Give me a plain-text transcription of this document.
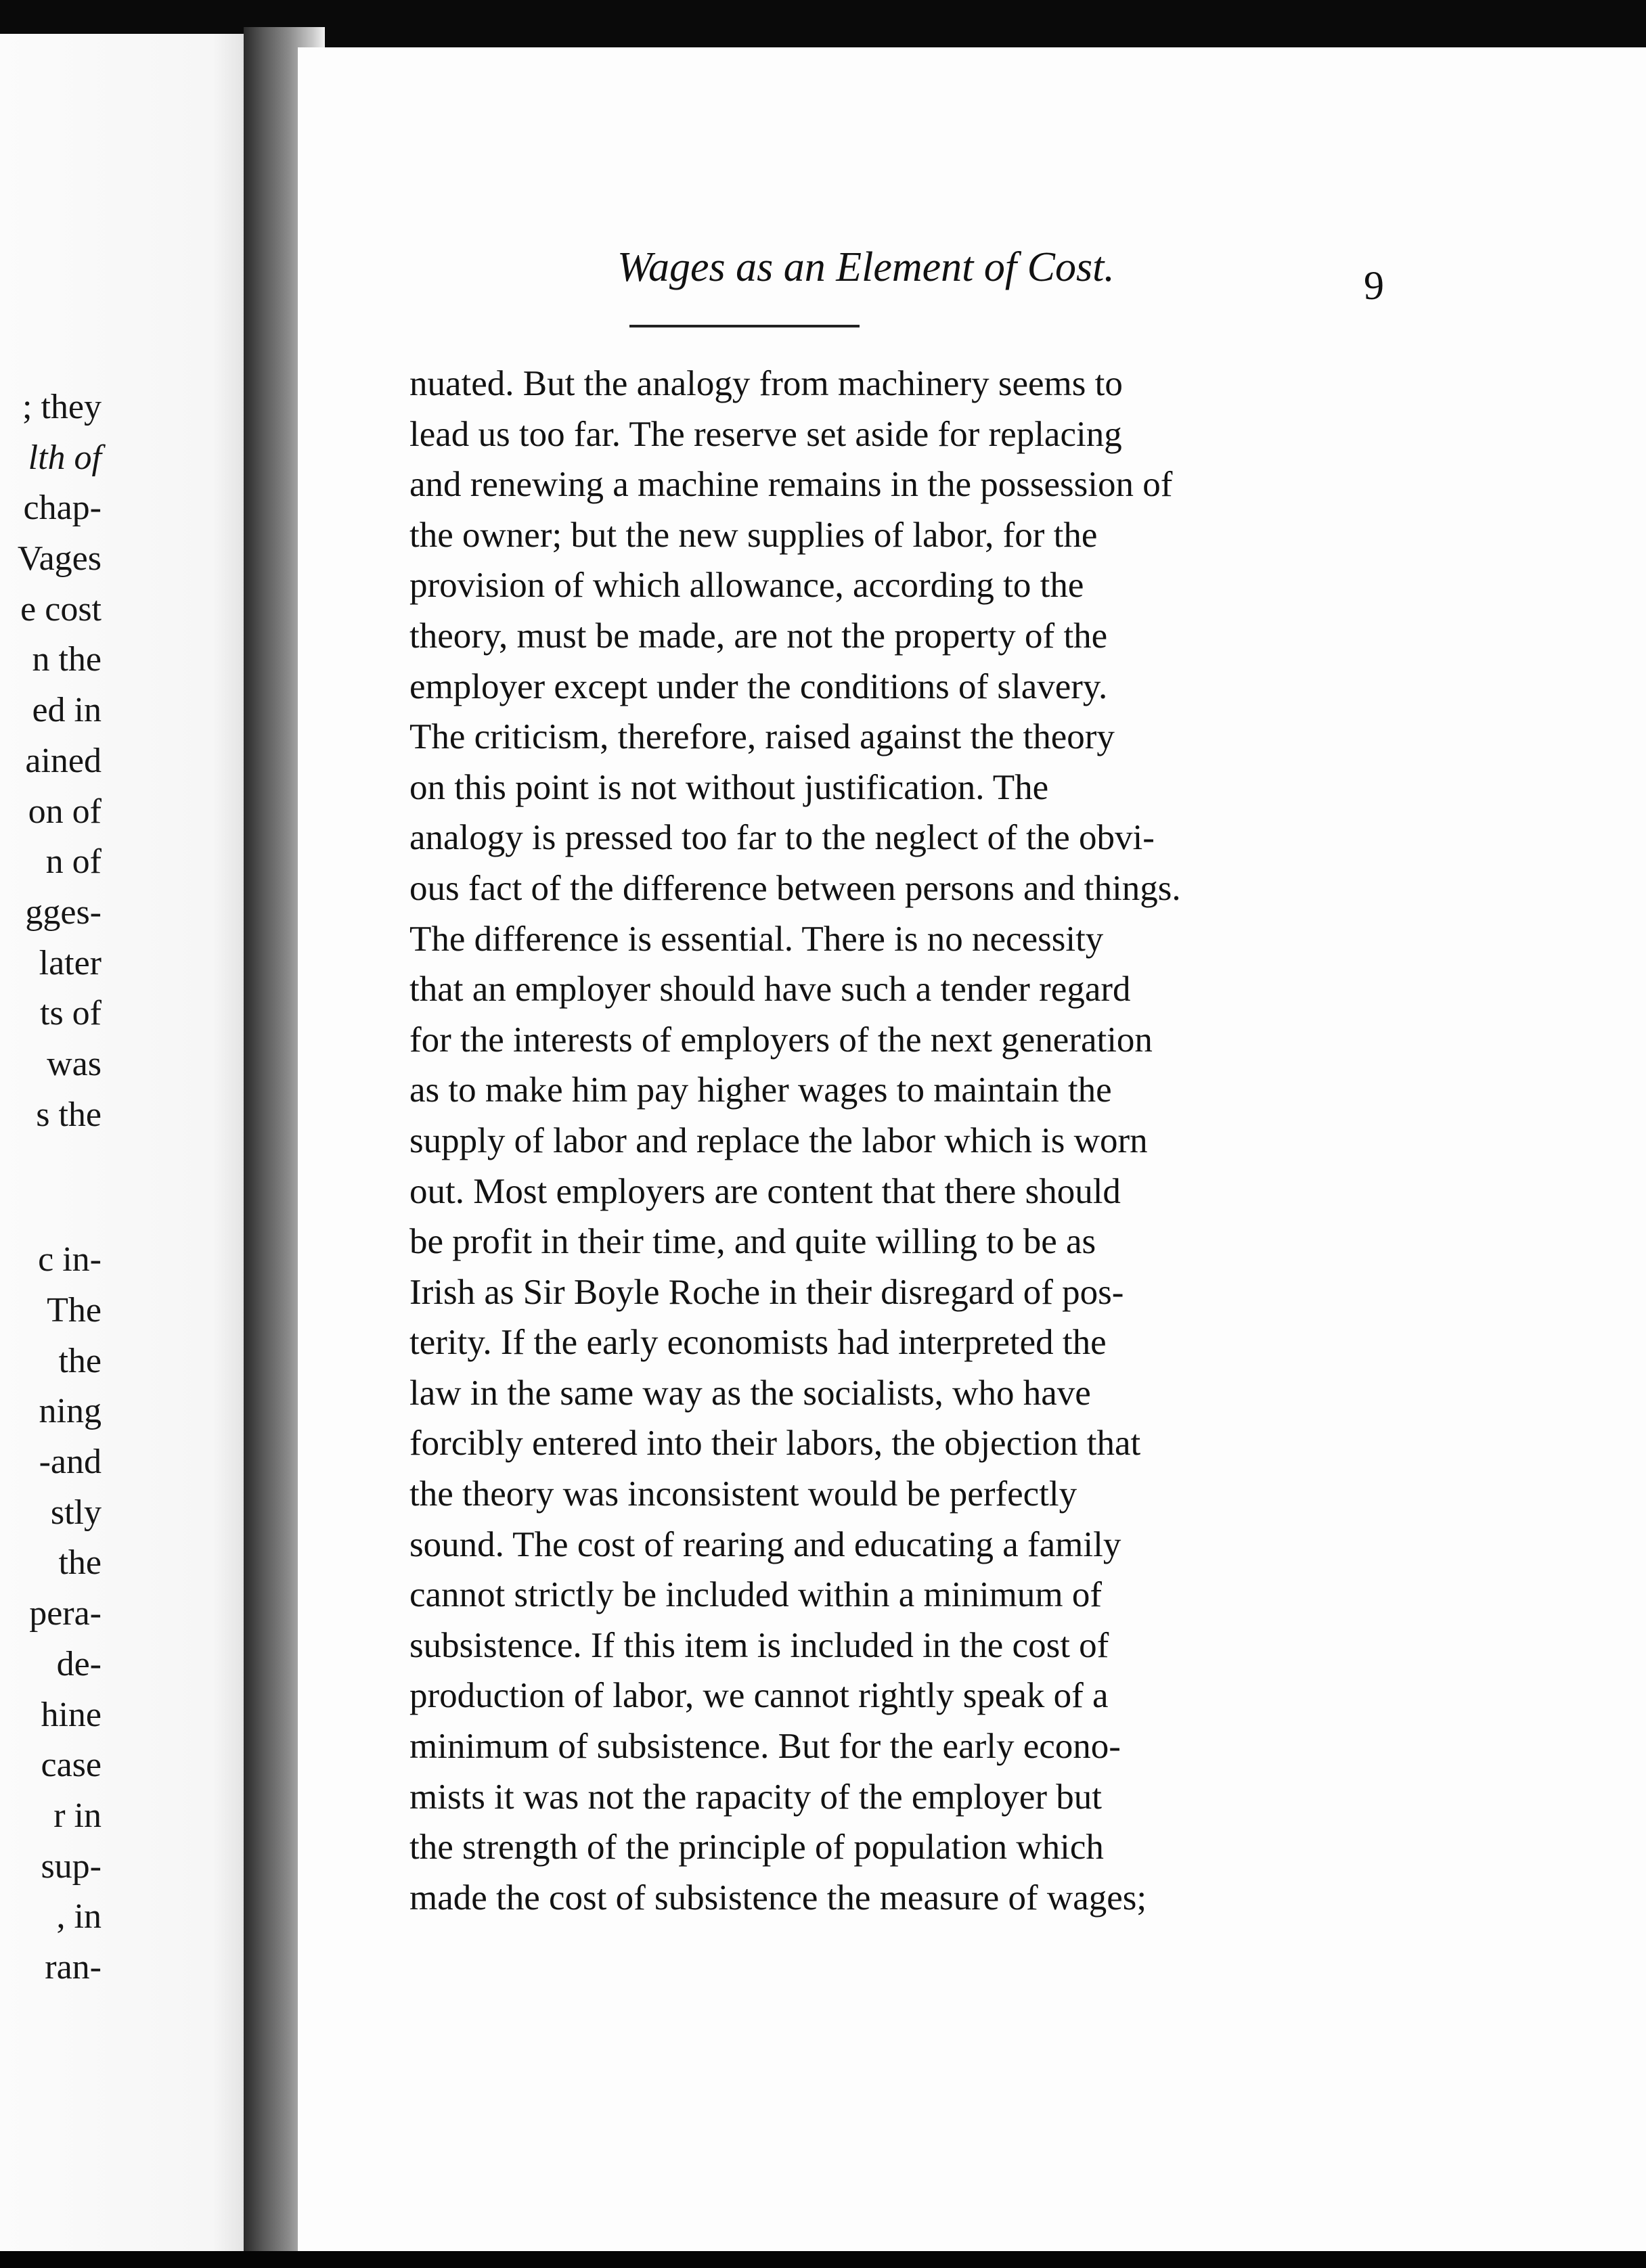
; they
lth of
chap-
Vages
e cost
n the
ed in
ained
on of
n of
gges-
later
ts of
was
s the
c in-
The
the
ning
-and
stly
the
pera-
de-
hine
case
r in
sup-
, in
ran-
Wages as an Element of Cost.	9
nuated. But the analogy from machinery seems to
lead us too far. The reserve set aside for replacing
and renewing a machine remains in the possession of
the owner; but the new supplies of labor, for the
provision of which allowance, according to the
theory, must be made, are not the property of the
employer except under the conditions of slavery.
The criticism, therefore, raised against the theory
on this point is not without justification. The
analogy is pressed too far to the neglect of the obvi-
ous fact of the difference between persons and things.
The difference is essential. There is no necessity
that an employer should have such a tender regard
for the interests of employers of the next generation
as to make him pay higher wages to maintain the
supply of labor and replace the labor which is worn
out. Most employers are content that there should
be profit in their time, and quite willing to be as
Irish as Sir Boyle Roche in their disregard of pos-
terity. If the early economists had interpreted the
law in the same way as the socialists, who have
forcibly entered into their labors, the objection that
the theory was inconsistent would be perfectly
sound. The cost of rearing and educating a family
cannot strictly be included within a minimum of
subsistence. If this item is included in the cost of
production of labor, we cannot rightly speak of a
minimum of subsistence. But for the early econo-
mists it was not the rapacity of the employer but
the strength of the principle of population which
made the cost of subsistence the measure of wages;
